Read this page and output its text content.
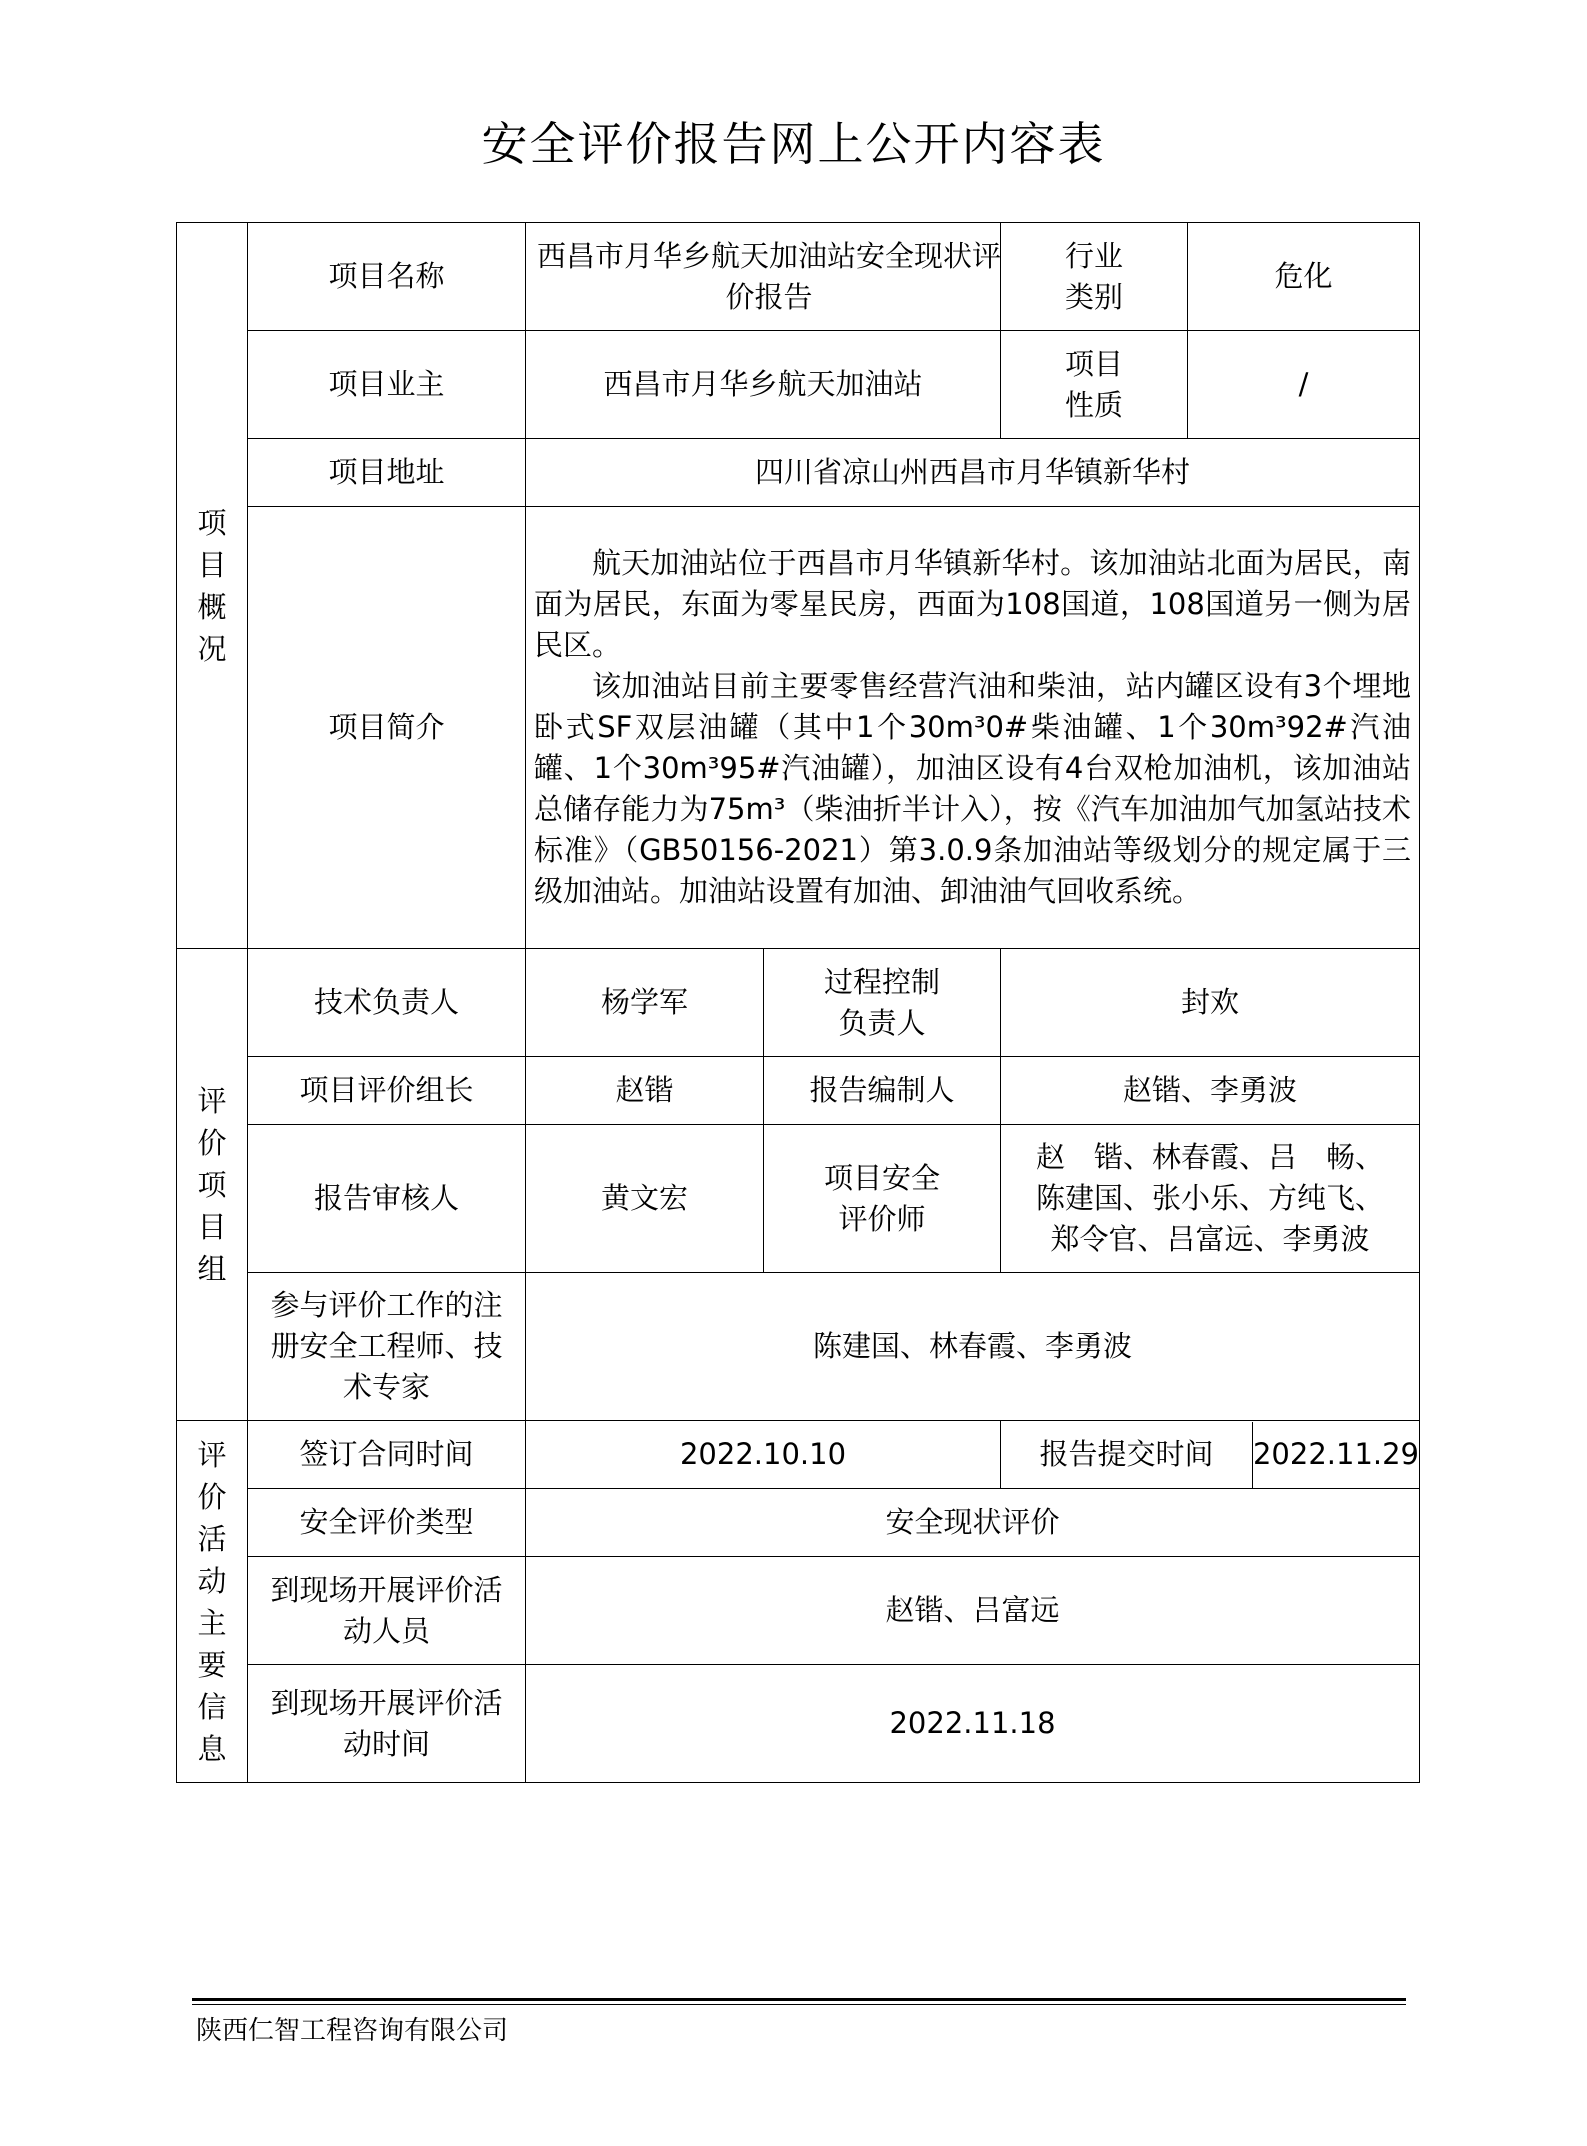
安全评价报告网上公开内容表
项目概况	项目名称	西昌市月华乡航天加油站安全现状评价报告		行业类别	危化
	项目业主	西昌市月华乡航天加油站		项目性质	/
	项目地址	四川省凉山州西昌市月华镇新华村			
	项目简介	航天加油站位于西昌市月华镇新华村。该加油站北面为居民，南面为居民，东面为零星民房，西面为108国道，108国道另一侧为居民区。

该加油站目前主要零售经营汽油和柴油，站内罐区设有3个埋地卧式SF双层油罐（其中1个30m³0#柴油罐、1个30m³92#汽油罐、1个30m³95#汽油罐），加油区设有4台双枪加油机，该加油站总储存能力为75m³（柴油折半计入），按《汽车加油加气加氢站技术标准》（GB50156-2021）第3.0.9条加油站等级划分的规定属于三级加油站。加油站设置有加油、卸油油气回收系统。			

评价项目组	技术负责人	杨学军	过程控制负责人	封欢	
	项目评价组长	赵锴	报告编制人	赵锴、李勇波	
	报告审核人	黄文宏	项目安全评价师	赵　锴、林春霞、吕　畅、
陈建国、张小乐、方纯飞、
郑令官、吕富远、李勇波	

	参与评价工作的注册安全工程师、技术专家	陈建国、林春霞、李勇波			

评价活动主要信息	签订合同时间	2022.10.10		报告提交时间 2022.11.29	

	安全评价类型	安全现状评价			

	到现场开展评价活动人员	赵锴、吕富远			

	到现场开展评价活动时间	2022.11.18			
陕西仁智工程咨询有限公司
